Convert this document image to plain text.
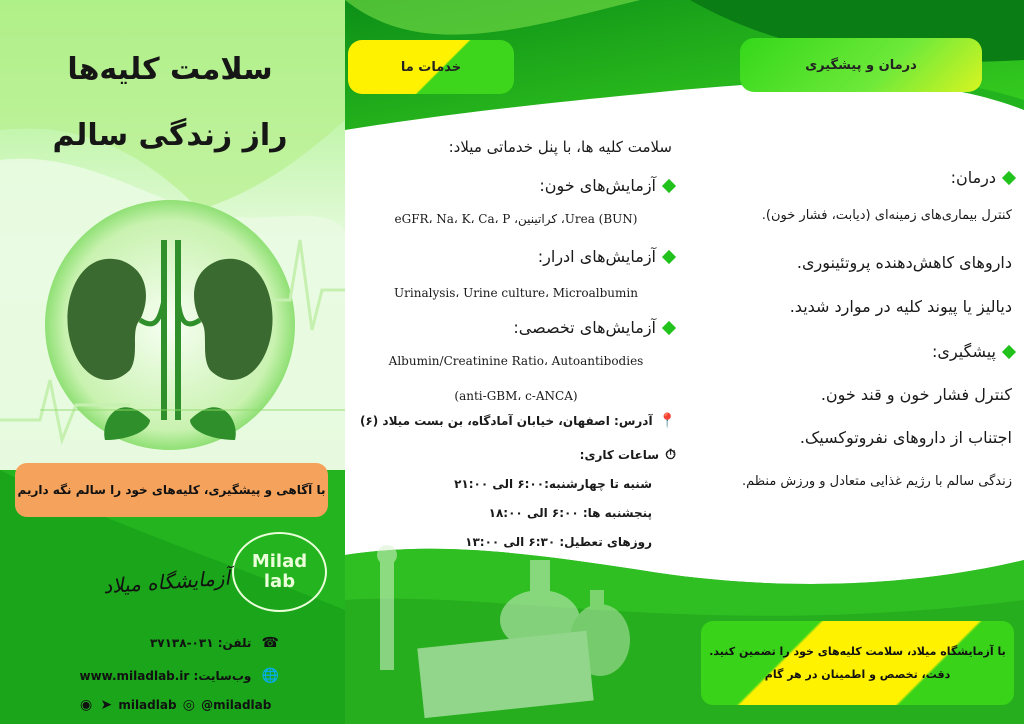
سلامت کلیه‌ها
راز زندگی سالم
با آگاهی و پیشگیری، کلیه‌های خود را سالم نگه داریم
Milad lab
آزمایشگاه میلاد
☎ تلفن: ۰۳۱-۳۷۱۳۸
🌐 وب‌سایت: www.miladlab.ir
◉ ➤ miladlab ◎ @miladlab
خدمات ما
سلامت کلیه ها، با پنل خدماتی میلاد:
آزمایش‌های خون:
eGFR، Na، K، Ca، P ،کراتینین ،Urea (BUN)
آزمایش‌های ادرار:
Urinalysis، Urine culture، Microalbumin
آزمایش‌های تخصصی:
Albumin/Creatinine Ratio، Autoantibodies
(anti-GBM، c-ANCA)
📍آدرس: اصفهان، خیابان آمادگاه، بن بست میلاد (۶)
⏱ساعات کاری:
شنبه تا چهارشنبه:۶:۰۰ الی ۲۱:۰۰
پنجشنبه ها: ۶:۰۰ الی ۱۸:۰۰
روزهای تعطیل: ۶:۳۰ الی ۱۳:۰۰
درمان و پیشگیری
درمان:
کنترل بیماری‌های زمینه‌ای (دیابت، فشار خون).
داروهای کاهش‌دهنده پروتئینوری.
دیالیز یا پیوند کلیه در موارد شدید.
پیشگیری:
کنترل فشار خون و قند خون.
اجتناب از داروهای نفروتوکسیک.
زندگی سالم با رژیم غذایی متعادل و ورزش منظم.
با آزمایشگاه میلاد، سلامت کلیه‌های خود را تضمین کنید.
دقت، تخصص و اطمینان در هر گام
